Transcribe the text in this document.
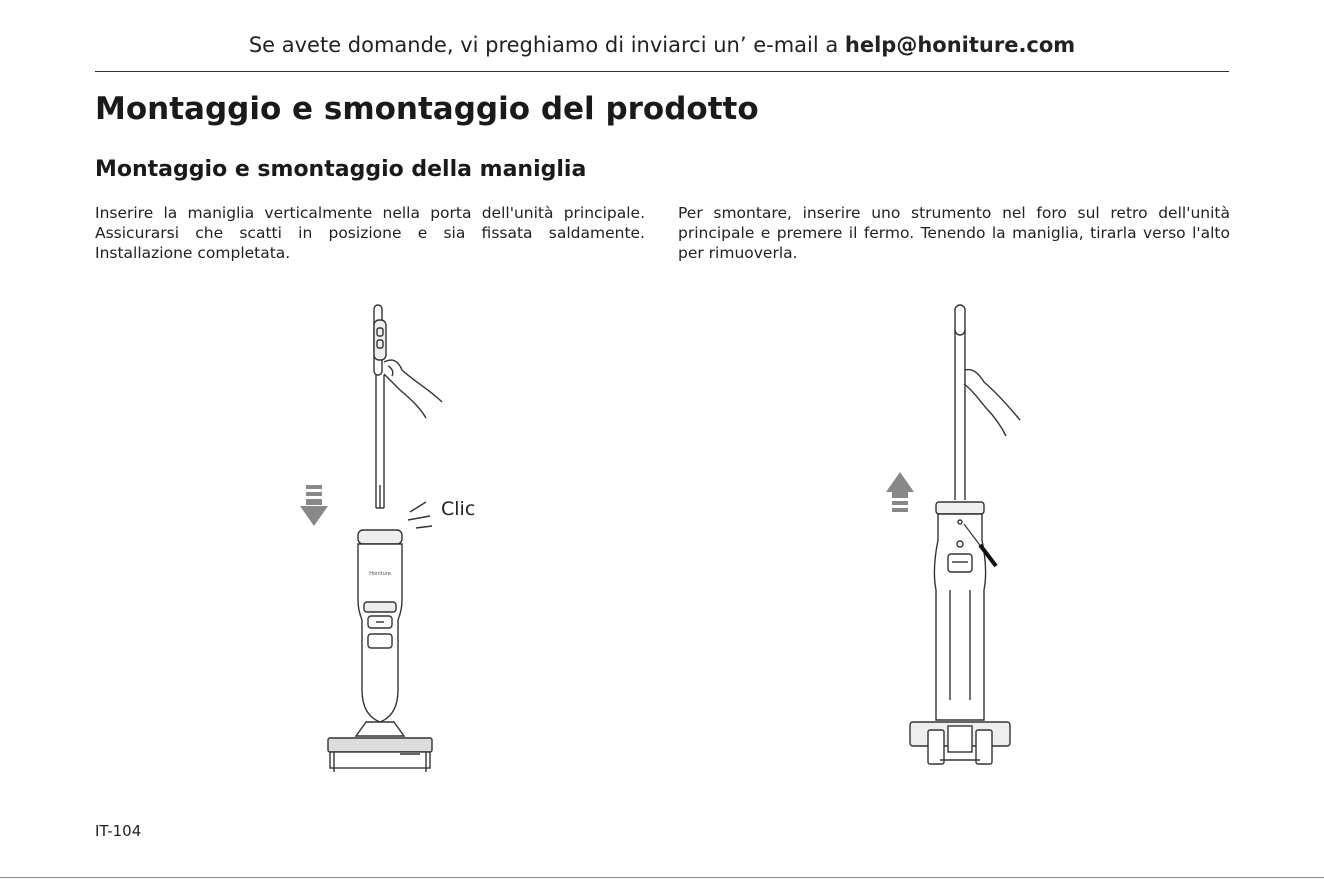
Se avete domande, vi preghiamo di inviarci un’ e-mail a help@honiture.com
Montaggio e smontaggio del prodotto
Montaggio e smontaggio della maniglia

Inserire la maniglia verticalmente nella porta dell'unità principale. Assicurarsi che scatti in posizione e sia fissata saldamente. Installazione completata.

Per smontare, inserire uno strumento nel foro sul retro dell'unità principale e premere il fermo. Tenendo la maniglia, tirarla verso l'alto per rimuoverla.

Honiture
Clic
IT-104
